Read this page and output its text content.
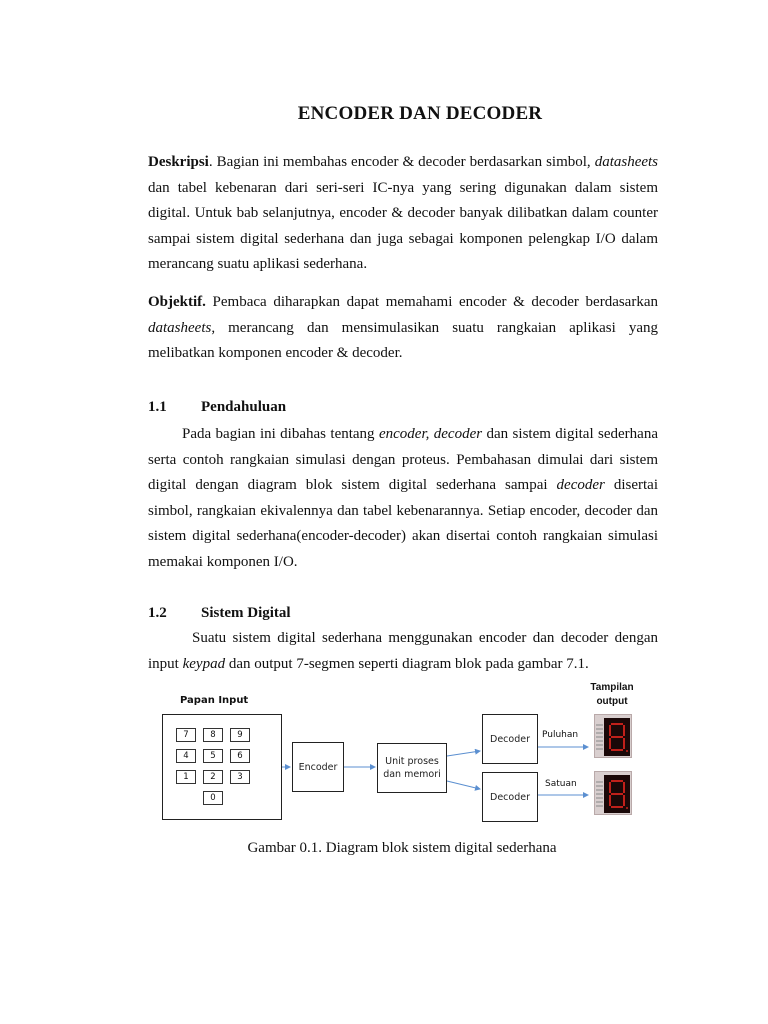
ENCODER DAN DECODER

Deskripsi. Bagian ini membahas encoder & decoder berdasarkan simbol, datasheets dan tabel kebenaran dari seri-seri IC-nya yang sering digunakan dalam sistem digital. Untuk bab selanjutnya, encoder & decoder banyak dilibatkan dalam counter sampai sistem digital sederhana dan juga sebagai komponen pelengkap I/O dalam merancang suatu aplikasi sederhana.

Objektif. Pembaca diharapkan dapat memahami encoder & decoder berdasarkan datasheets, merancang dan mensimulasikan suatu rangkaian aplikasi yang melibatkan komponen encoder & decoder.

1.1 Pendahuluan

Pada bagian ini dibahas tentang encoder, decoder dan sistem digital sederhana serta contoh rangkaian simulasi dengan proteus. Pembahasan dimulai dari sistem digital dengan diagram blok sistem digital sederhana sampai decoder disertai simbol, rangkaian ekivalennya dan tabel kebenarannya. Setiap encoder, decoder dan sistem digital sederhana(encoder-decoder) akan disertai contoh rangkaian simulasi memakai komponen I/O.

1.2 Sistem Digital

Suatu sistem digital sederhana menggunakan encoder dan decoder dengan input keypad dan output 7-segmen seperti diagram blok pada gambar 7.1.

Papan Input
7	8	9
4	5	6
1	2	3
0
Encoder	Unit proses
dan memori
Decoder
Decoder
Puluhan
Satuan
Tampilan
output
Gambar 0.1. Diagram blok sistem digital sederhana
